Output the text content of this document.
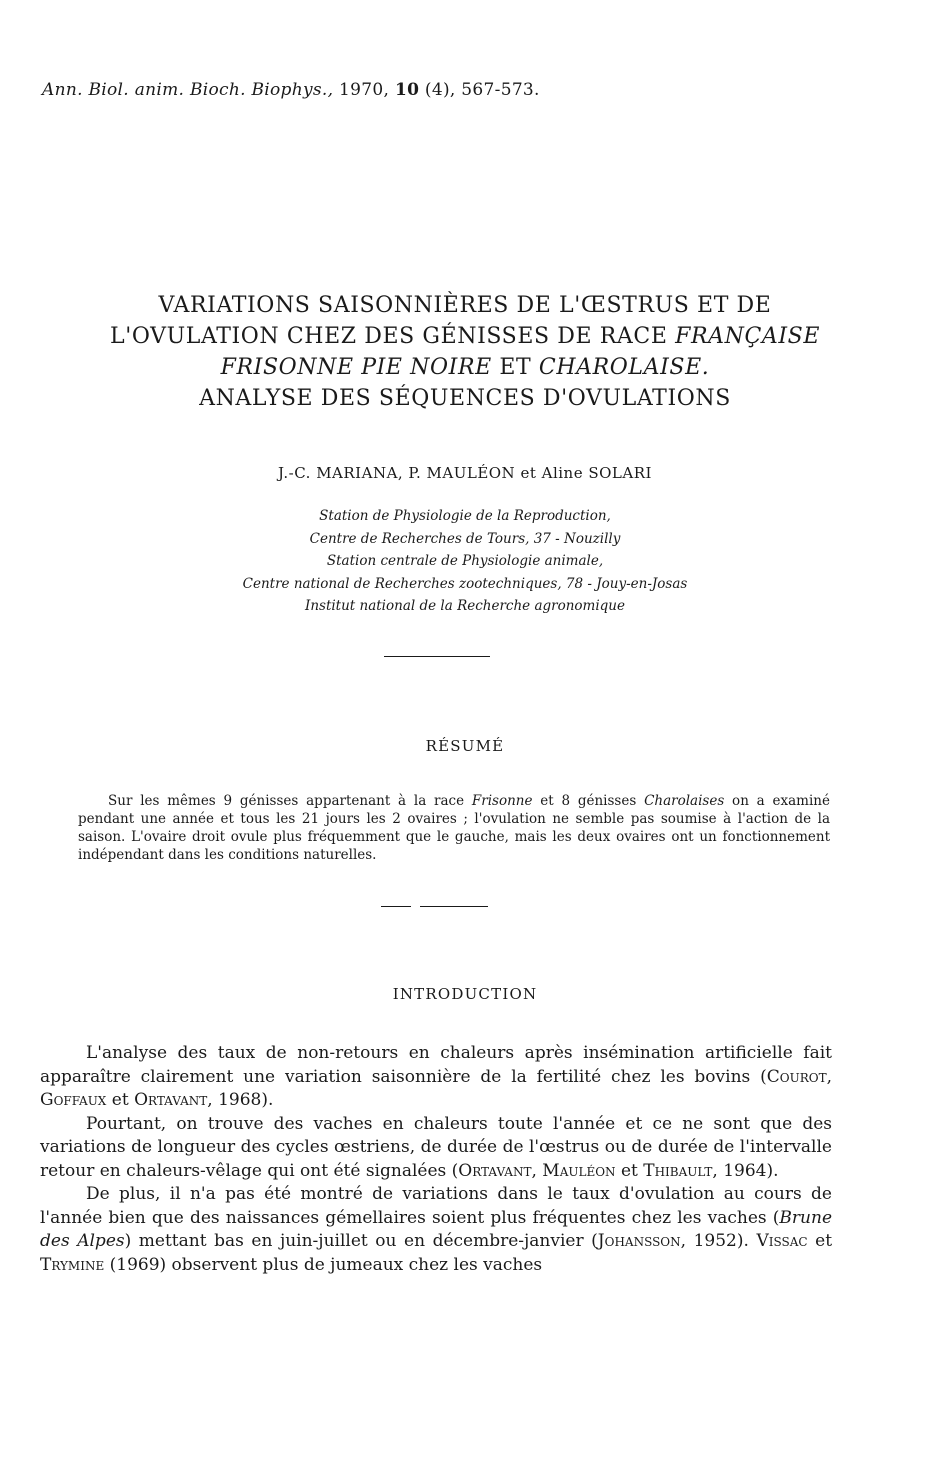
Ann. Biol. anim. Bioch. Biophys., 1970, 10 (4), 567-573.
VARIATIONS SAISONNIÈRES DE L'ŒSTRUS ET DE
L'OVULATION CHEZ DES GÉNISSES DE RACE FRANÇAISE
FRISONNE PIE NOIRE ET CHAROLAISE.
ANALYSE DES SÉQUENCES D'OVULATIONS
J.-C. MARIANA, P. MAULÉON et Aline SOLARI
Station de Physiologie de la Reproduction,
Centre de Recherches de Tours, 37 - Nouzilly
Station centrale de Physiologie animale,
Centre national de Recherches zootechniques, 78 - Jouy-en-Josas
Institut national de la Recherche agronomique
RÉSUMÉ
Sur les mêmes 9 génisses appartenant à la race Frisonne et 8 génisses Charolaises on a examiné pendant une année et tous les 21 jours les 2 ovaires ; l'ovulation ne semble pas soumise à l'action de la saison. L'ovaire droit ovule plus fréquemment que le gauche, mais les deux ovaires ont un fonctionnement indépendant dans les conditions naturelles.
INTRODUCTION

L'analyse des taux de non-retours en chaleurs après insémination artificielle fait apparaître clairement une variation saisonnière de la fertilité chez les bovins (Courot, Goffaux et Ortavant, 1968).

Pourtant, on trouve des vaches en chaleurs toute l'année et ce ne sont que des variations de longueur des cycles œstriens, de durée de l'œstrus ou de durée de l'intervalle retour en chaleurs-vêlage qui ont été signalées (Ortavant, Mauléon et Thibault, 1964).

De plus, il n'a pas été montré de variations dans le taux d'ovulation au cours de l'année bien que des naissances gémellaires soient plus fréquentes chez les vaches (Brune des Alpes) mettant bas en juin-juillet ou en décembre-janvier (Johansson, 1952). Vissac et Trymine (1969) observent plus de jumeaux chez les vaches
